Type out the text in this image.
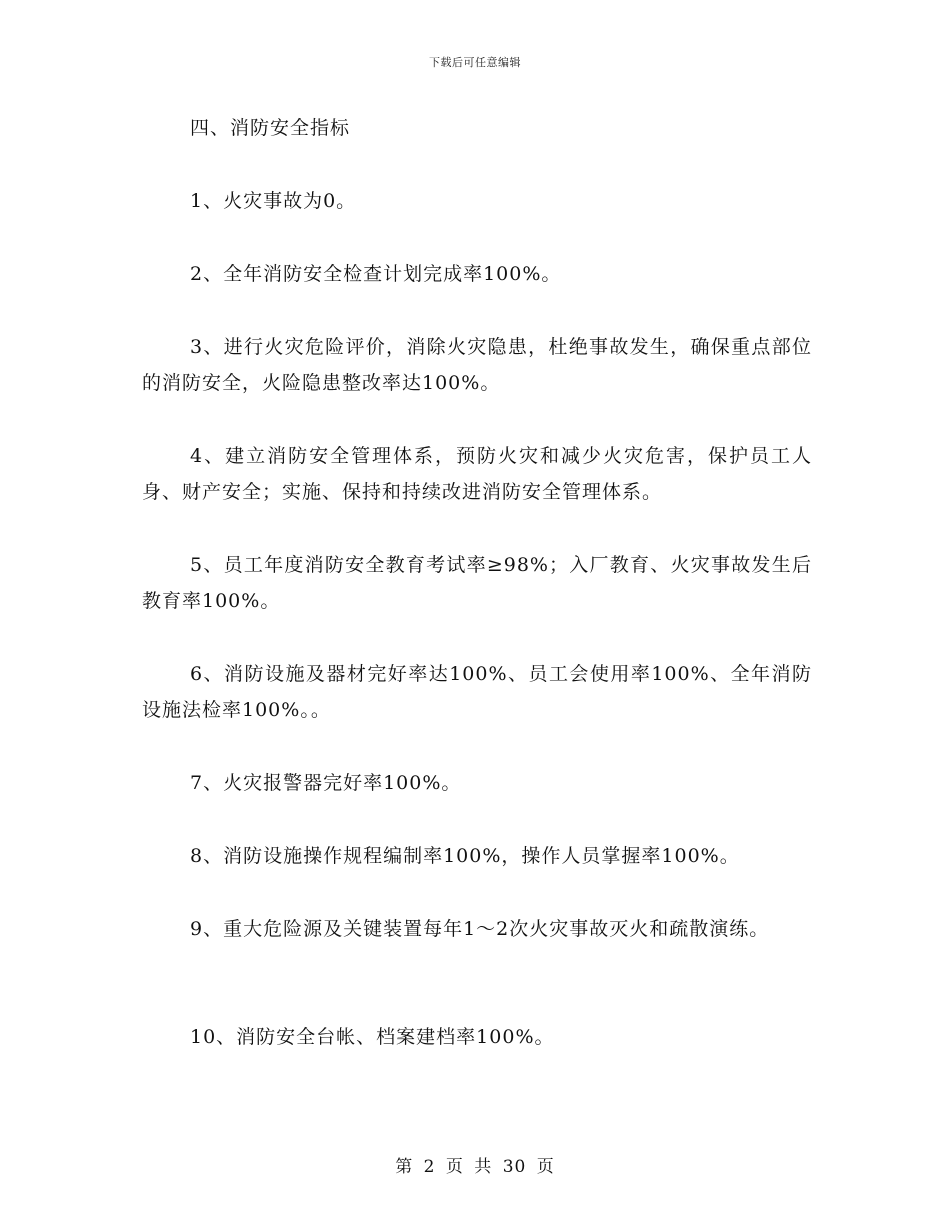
下载后可任意编辑

四、消防安全指标

1、火灾事故为0。

2、全年消防安全检查计划完成率100%。

3、进行火灾危险评价，消除火灾隐患，杜绝事故发生，确保重点部位的消防安全，火险隐患整改率达100%。

4、建立消防安全管理体系，预防火灾和减少火灾危害，保护员工人身、财产安全；实施、保持和持续改进消防安全管理体系。

5、员工年度消防安全教育考试率≥98%；入厂教育、火灾事故发生后教育率100%。

6、消防设施及器材完好率达100%、员工会使用率100%、全年消防设施法检率100%。。

7、火灾报警器完好率100%。

8、消防设施操作规程编制率100%，操作人员掌握率100%。

9、重大危险源及关键装置每年1～2次火灾事故灭火和疏散演练。

10、消防安全台帐、档案建档率100%。

第 2 页 共 30 页
